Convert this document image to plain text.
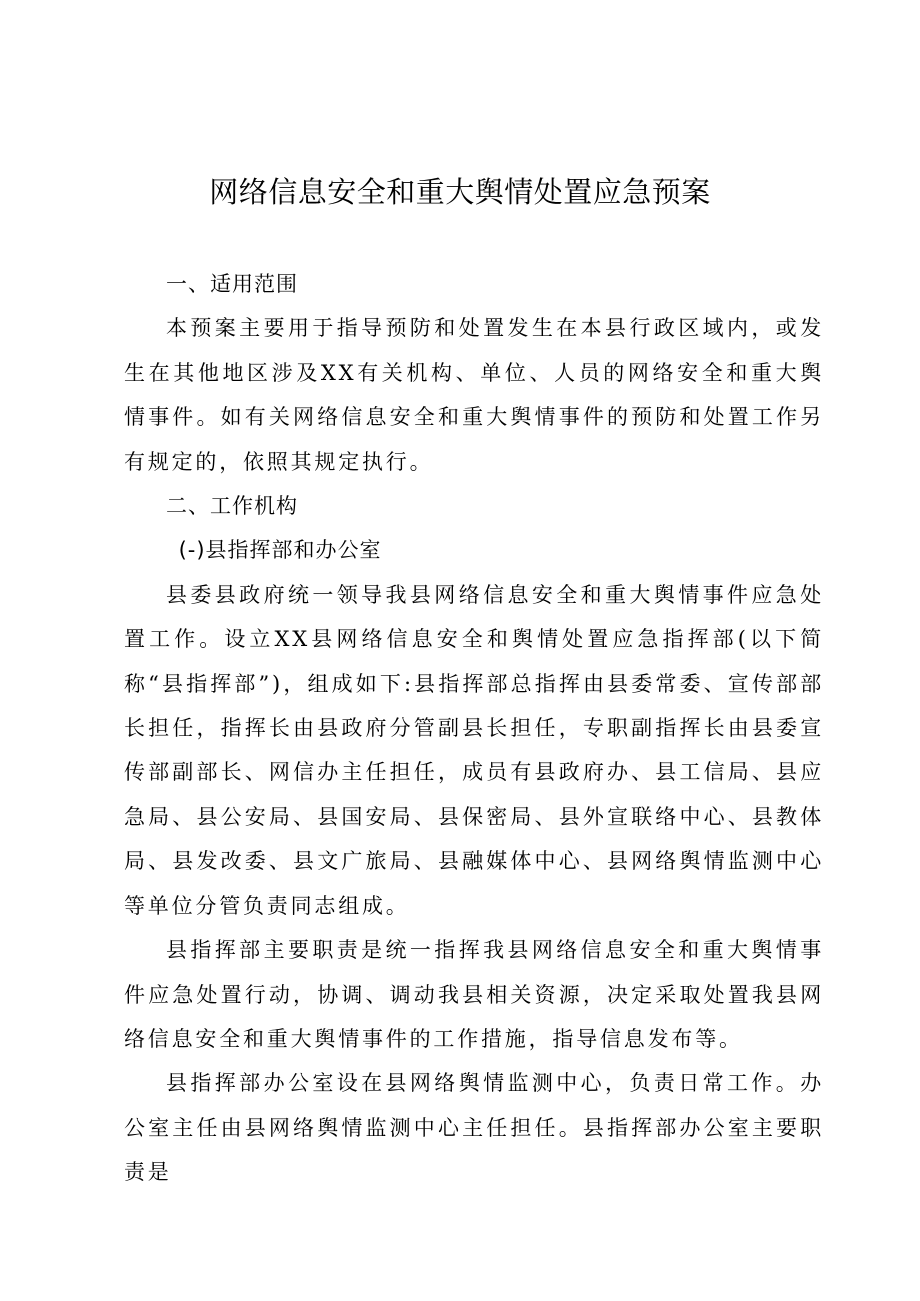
网络信息安全和重大舆情处置应急预案

一、适用范围

本预案主要用于指导预防和处置发生在本县行政区域内，或发生在其他地区涉及XX有关机构、单位、人员的网络安全和重大舆情事件。如有关网络信息安全和重大舆情事件的预防和处置工作另有规定的，依照其规定执行。

二、工作机构

(-)县指挥部和办公室

县委县政府统一领导我县网络信息安全和重大舆情事件应急处置工作。设立XX县网络信息安全和舆情处置应急指挥部(以下简称“县指挥部”)，组成如下:县指挥部总指挥由县委常委、宣传部部长担任，指挥长由县政府分管副县长担任，专职副指挥长由县委宣传部副部长、网信办主任担任，成员有县政府办、县工信局、县应急局、县公安局、县国安局、县保密局、县外宣联络中心、县教体局、县发改委、县文广旅局、县融媒体中心、县网络舆情监测中心等单位分管负责同志组成。

县指挥部主要职责是统一指挥我县网络信息安全和重大舆情事件应急处置行动，协调、调动我县相关资源，决定采取处置我县网络信息安全和重大舆情事件的工作措施，指导信息发布等。

县指挥部办公室设在县网络舆情监测中心，负责日常工作。办公室主任由县网络舆情监测中心主任担任。县指挥部办公室主要职责是
